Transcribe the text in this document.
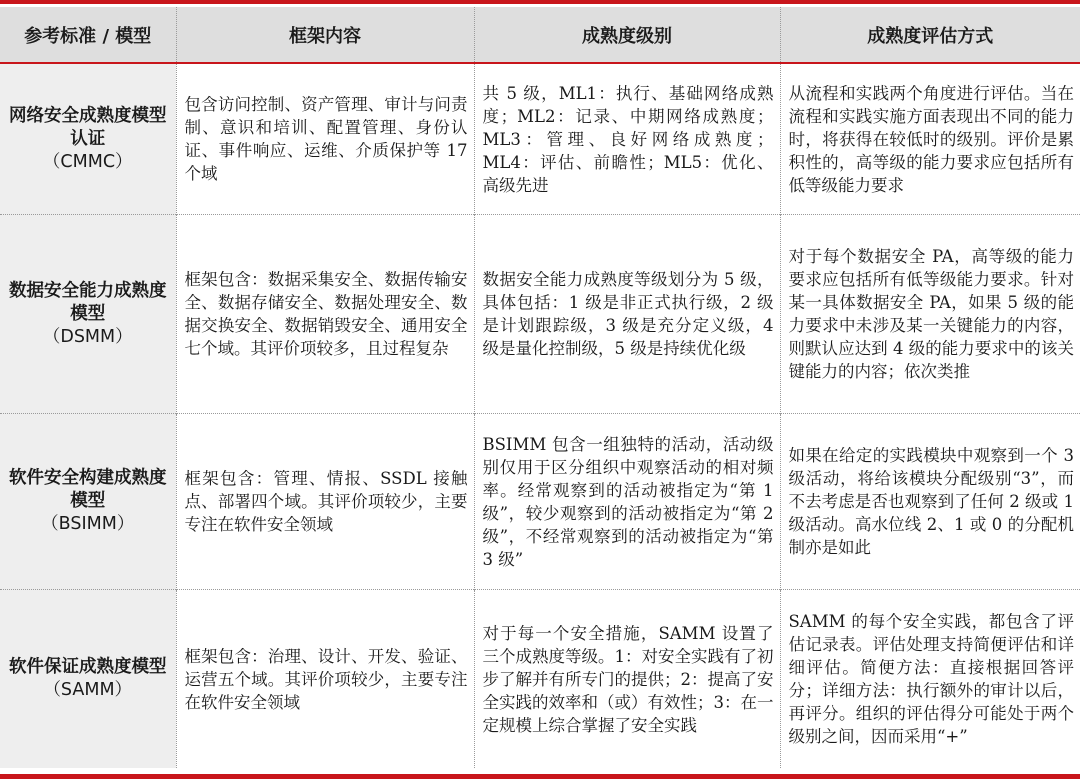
参考标准 / 模型	框架内容	成熟度级别	成熟度评估方式
网络安全成熟度模型认证
（CMMC）	包含访问控制、资产管理、审计与问责制、意识和培训、配置管理、身份认证、事件响应、运维、介质保护等 17 个域	共 5 级，ML1：执行、基础网络成熟度；ML2：记录、中期网络成熟度；ML3：管理、良好网络成熟度；ML4：评估、前瞻性；ML5：优化、高级先进	从流程和实践两个角度进行评估。当在流程和实践实施方面表现出不同的能力时，将获得在较低时的级别。评价是累积性的，高等级的能力要求应包括所有低等级能力要求
数据安全能力成熟度模型
（DSMM）	框架包含：数据采集安全、数据传输安全、数据存储安全、数据处理安全、数据交换安全、数据销毁安全、通用安全七个域。其评价项较多，且过程复杂	数据安全能力成熟度等级划分为 5 级，具体包括：1 级是非正式执行级，2 级是计划跟踪级，3 级是充分定义级，4 级是量化控制级，5 级是持续优化级	对于每个数据安全 PA，高等级的能力要求应包括所有低等级能力要求。针对某一具体数据安全 PA，如果 5 级的能力要求中未涉及某一关键能力的内容，则默认应达到 4 级的能力要求中的该关键能力的内容；依次类推
软件安全构建成熟度模型
（BSIMM）	框架包含：管理、情报、SSDL 接触点、部署四个域。其评价项较少，主要专注在软件安全领域	BSIMM 包含一组独特的活动，活动级别仅用于区分组织中观察活动的相对频率。经常观察到的活动被指定为“第 1 级”，较少观察到的活动被指定为“第 2 级”，不经常观察到的活动被指定为“第 3 级”	如果在给定的实践模块中观察到一个 3 级活动，将给该模块分配级别“3”，而不去考虑是否也观察到了任何 2 级或 1 级活动。高水位线 2、1 或 0 的分配机制亦是如此
软件保证成熟度模型
（SAMM）	框架包含：治理、设计、开发、验证、运营五个域。其评价项较少，主要专注在软件安全领域	对于每一个安全措施，SAMM 设置了三个成熟度等级。1：对安全实践有了初步了解并有所专门的提供；2：提高了安全实践的效率和（或）有效性；3：在一定规模上综合掌握了安全实践	SAMM 的每个安全实践，都包含了评估记录表。评估处理支持简便评估和详细评估。简便方法：直接根据回答评分；详细方法：执行额外的审计以后，再评分。组织的评估得分可能处于两个级别之间，因而采用“+”
